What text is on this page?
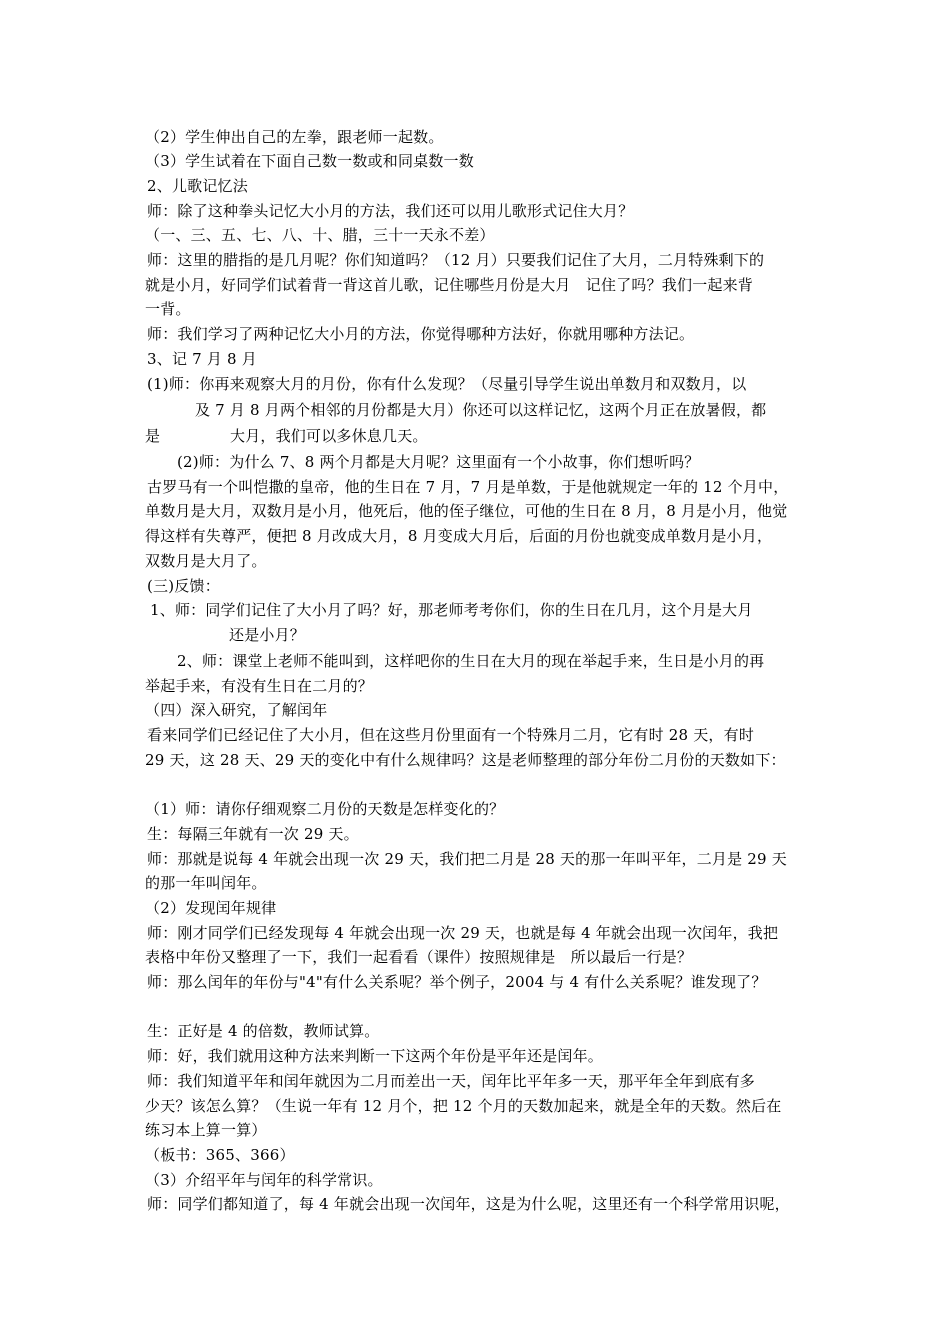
（2）学生伸出自己的左拳，跟老师一起数。
（3）学生试着在下面自己数一数或和同桌数一数
2、儿歌记忆法
师：除了这种拳头记忆大小月的方法，我们还可以用儿歌形式记住大月？
（一、三、五、七、八、十、腊，三十一天永不差）
师：这里的腊指的是几月呢？你们知道吗？（12 月）只要我们记住了大月，二月特殊剩下的
就是小月，好同学们试着背一背这首儿歌，记住哪些月份是大月　记住了吗？我们一起来背
一背。
师：我们学习了两种记忆大小月的方法，你觉得哪种方法好，你就用哪种方法记。
3、记 7 月 8 月
(1)师：你再来观察大月的月份，你有什么发现？（尽量引导学生说出单数月和双数月，以
及 7 月 8 月两个相邻的月份都是大月）你还可以这样记忆，这两个月正在放暑假，都
是	大月，我们可以多休息几天。
(2)师：为什么 7、8 两个月都是大月呢？这里面有一个小故事，你们想听吗？
古罗马有一个叫恺撒的皇帝，他的生日在 7 月，7 月是单数，于是他就规定一年的 12 个月中，
单数月是大月，双数月是小月，他死后，他的侄子继位，可他的生日在 8 月，8 月是小月，他觉
得这样有失尊严，便把 8 月改成大月，8 月变成大月后，后面的月份也就变成单数月是小月，
双数月是大月了。
(三)反馈：
1、师：同学们记住了大小月了吗？好，那老师考考你们，你的生日在几月，这个月是大月
还是小月？
2、师：课堂上老师不能叫到，这样吧你的生日在大月的现在举起手来，生日是小月的再
举起手来，有没有生日在二月的？
（四）深入研究，了解闰年
看来同学们已经记住了大小月，但在这些月份里面有一个特殊月二月，它有时 28 天，有时
29 天，这 28 天、29 天的变化中有什么规律吗？这是老师整理的部分年份二月份的天数如下：
（1）师：请你仔细观察二月份的天数是怎样变化的？
生：每隔三年就有一次 29 天。
师：那就是说每 4 年就会出现一次 29 天，我们把二月是 28 天的那一年叫平年，二月是 29 天
的那一年叫闰年。
（2）发现闰年规律
师：刚才同学们已经发现每 4 年就会出现一次 29 天，也就是每 4 年就会出现一次闰年，我把
表格中年份又整理了一下，我们一起看看（课件）按照规律是　所以最后一行是？
师：那么闰年的年份与"4"有什么关系呢？举个例子，2004 与 4 有什么关系呢？谁发现了？
生：正好是 4 的倍数，教师试算。
师：好，我们就用这种方法来判断一下这两个年份是平年还是闰年。
师：我们知道平年和闰年就因为二月而差出一天，闰年比平年多一天，那平年全年到底有多
少天？该怎么算？（生说一年有 12 月个，把 12 个月的天数加起来，就是全年的天数。然后在
练习本上算一算）
（板书：365、366）
（3）介绍平年与闰年的科学常识。
师：同学们都知道了，每 4 年就会出现一次闰年，这是为什么呢，这里还有一个科学常用识呢，
